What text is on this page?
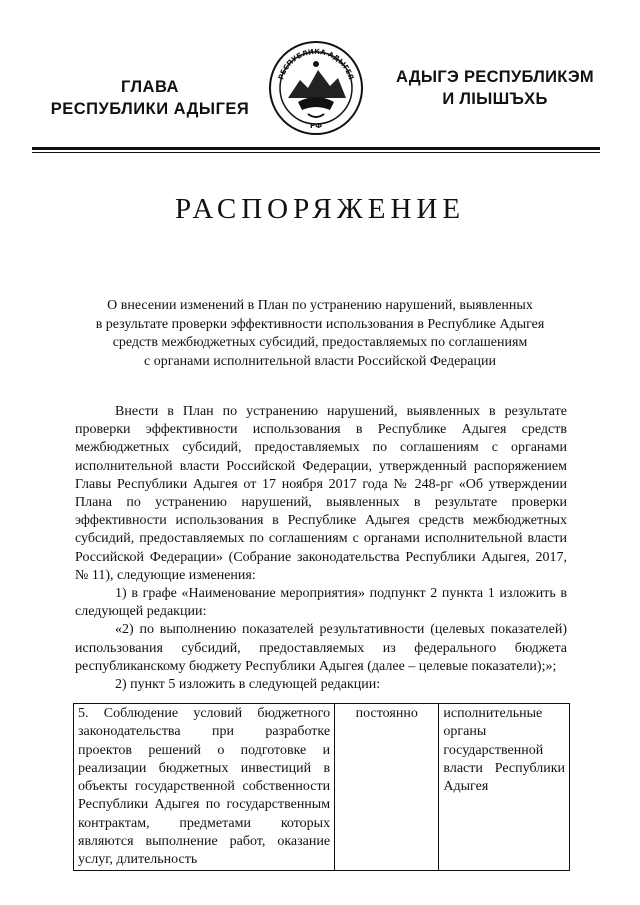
ГЛАВА
РЕСПУБЛИКИ АДЫГЕЯ
РЕСПУБЛИКА АДЫГЕЯ
РФ
АДЫГЭ РЕСПУБЛИКЭМ
И ЛІЫШЪХЬ
РАСПОРЯЖЕНИЕ
О внесении изменений в План по устранению нарушений, выявленных
в результате проверки эффективности использования в Республике Адыгея
средств межбюджетных субсидий, предоставляемых по соглашениям
с органами исполнительной власти Российской Федерации

Внести в План по устранению нарушений, выявленных в результате проверки эффективности использования в Республике Адыгея средств межбюджетных субсидий, предоставляемых по соглашениям с органами исполнительной власти Российской Федерации, утвержденный распоряжением Главы Республики Адыгея от 17 ноября 2017 года № 248-рг «Об утверждении Плана по устранению нарушений, выявленных в результате проверки эффективности использования в Республике Адыгея средств межбюджетных субсидий, предоставляемых по соглашениям с органами исполнительной власти Российской Федерации» (Собрание законодательства Республики Адыгея, 2017, № 11), следующие изменения:

1) в графе «Наименование мероприятия» подпункт 2 пункта 1 изложить в следующей редакции:

«2) по выполнению показателей результативности (целевых показателей) использования субсидий, предоставляемых из федерального бюджета республиканскому бюджету Республики Адыгея (далее – целевые показатели);»;

2) пункт 5 изложить в следующей редакции:

5. Соблюдение условий бюджетного законодательства при разработке проектов решений о подготовке и реализации бюджетных инвестиций в объекты государственной собственности Республики Адыгея по государственным контрактам, предметами которых являются выполнение работ, оказание услуг, длительность	постоянно	исполнительные органы государственной власти Республики Адыгея
